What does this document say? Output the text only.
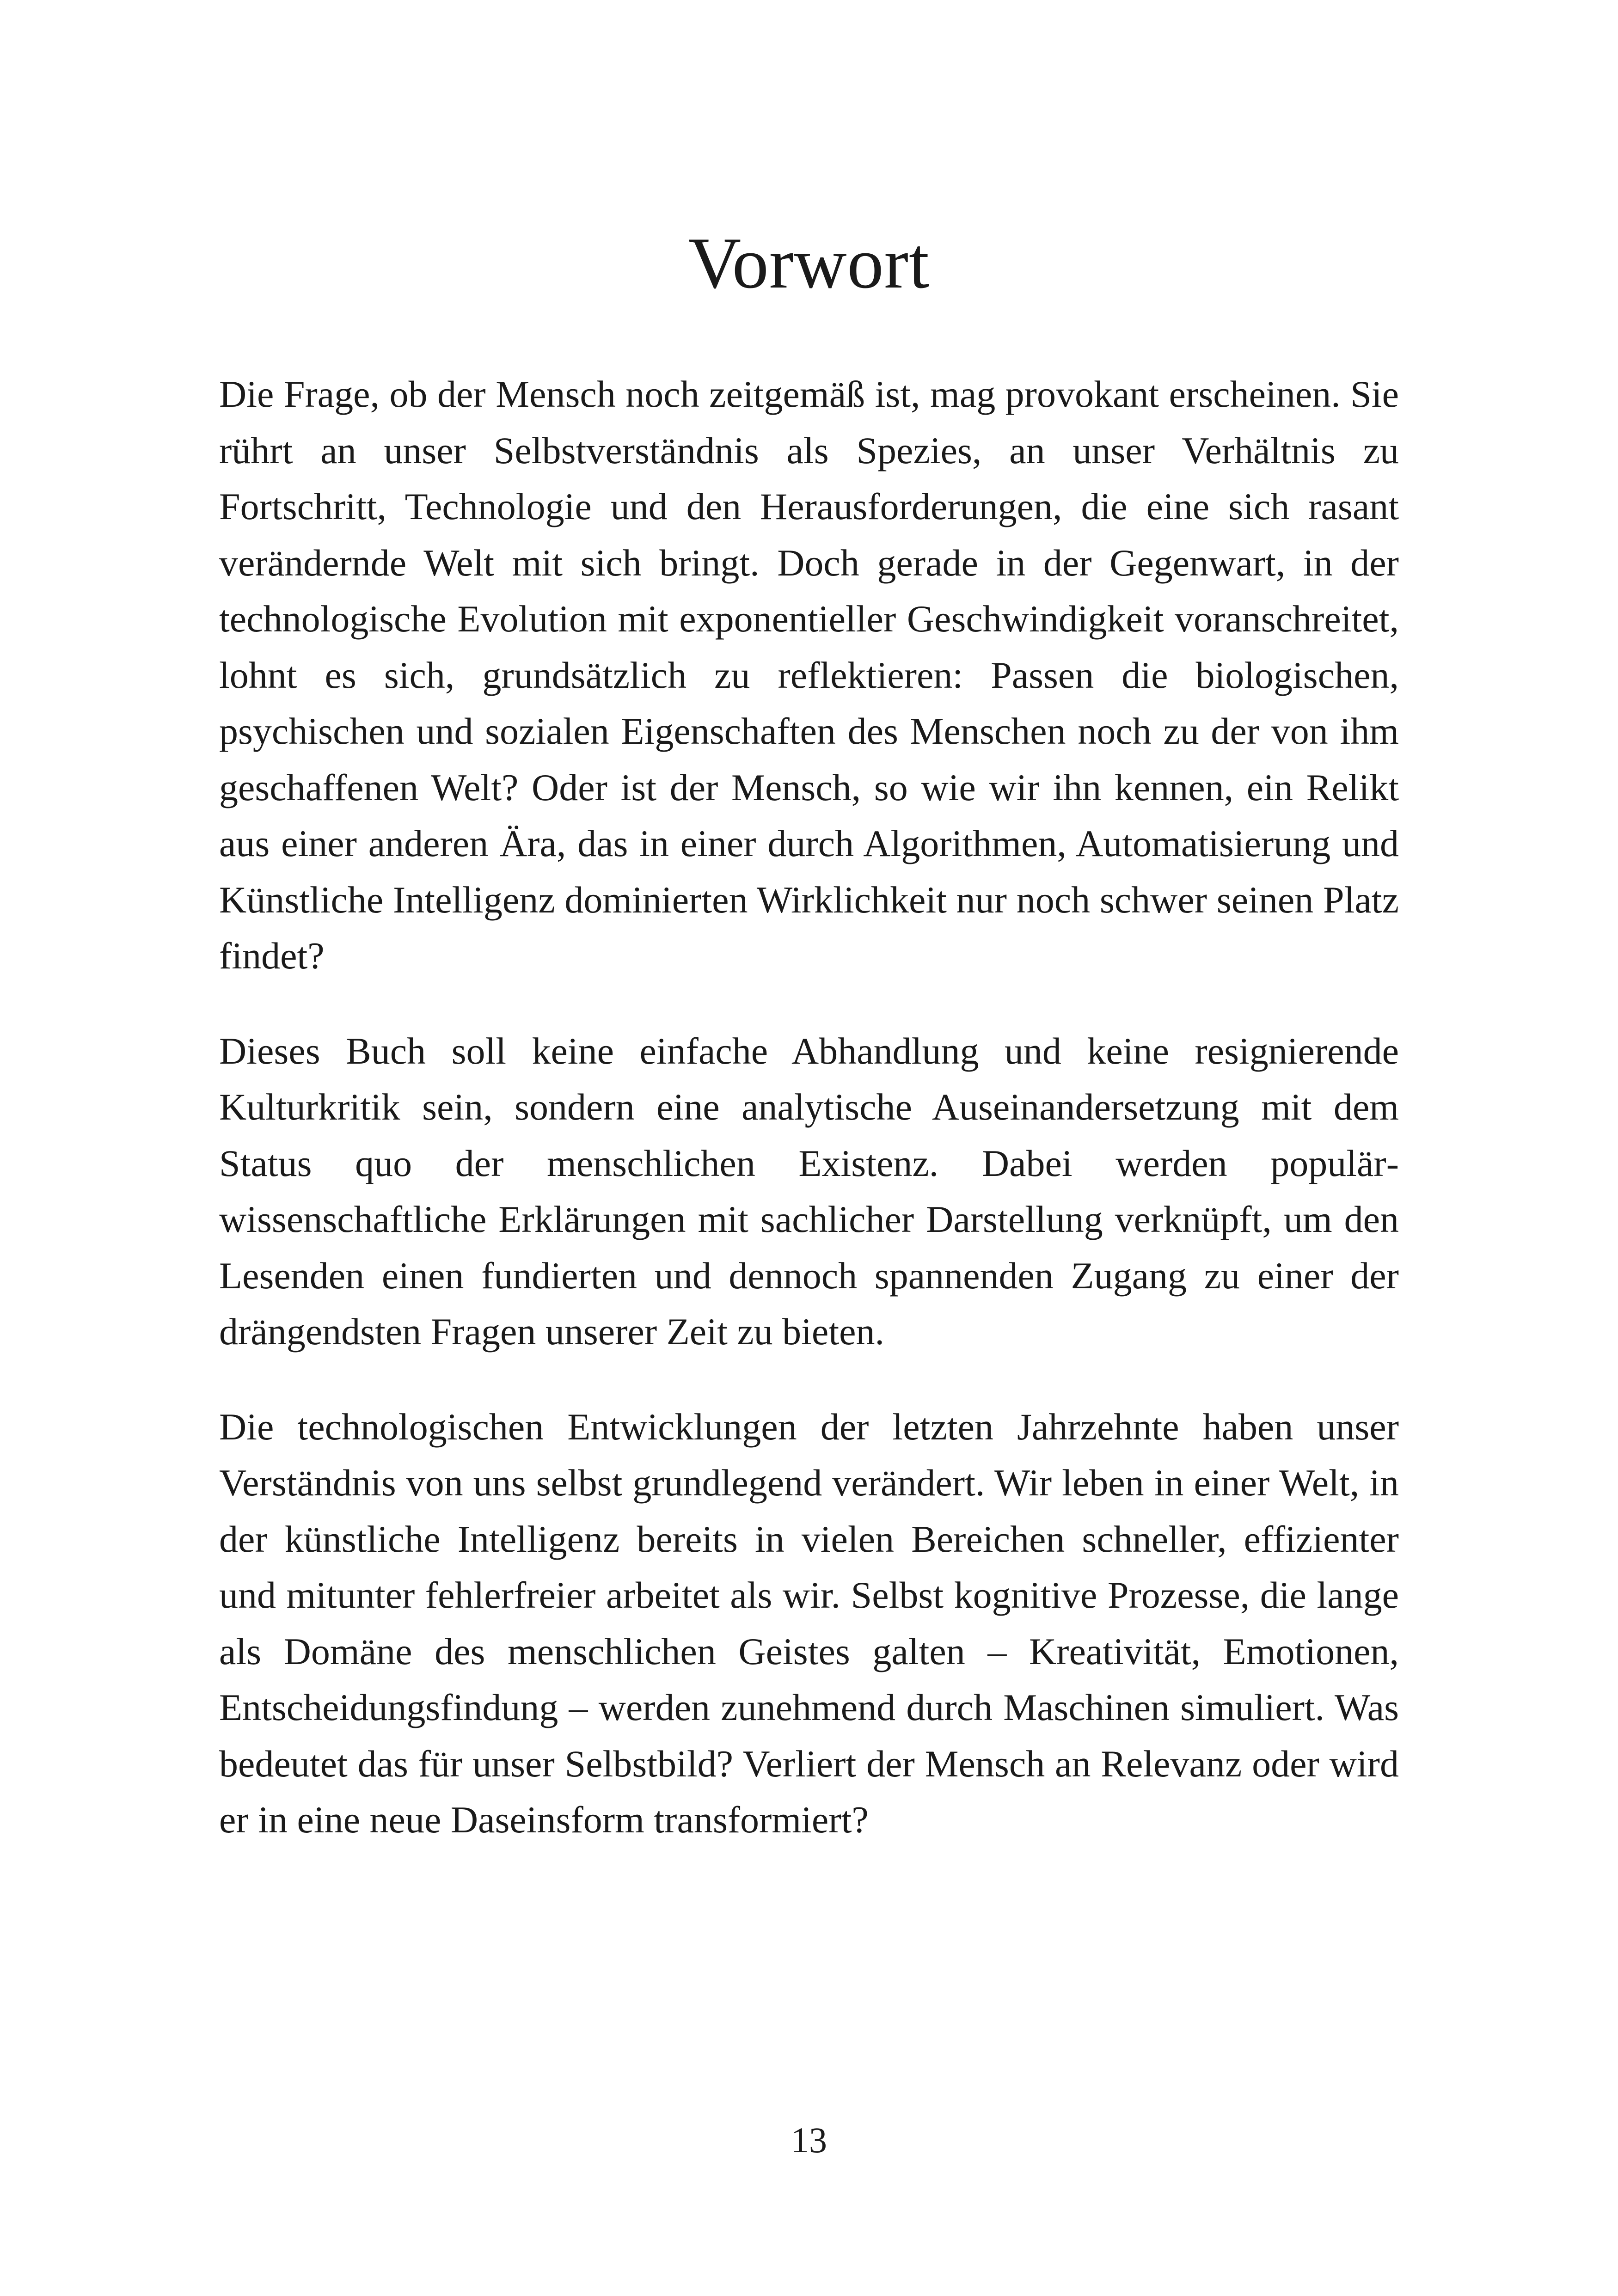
Vorwort

Die Frage, ob der Mensch noch zeitgemäß ist, mag provokant erscheinen. Sie rührt an unser Selbstverständnis als Spezies, an unser Verhältnis zu Fortschritt, Technologie und den Herausforderungen, die eine sich rasant verändernde Welt mit sich bringt. Doch gerade in der Gegenwart, in der technologische Evolution mit exponentieller Geschwindigkeit voranschreitet, lohnt es sich, grundsätzlich zu reflektieren: Passen die biologischen, psychischen und sozialen Eigenschaften des Menschen noch zu der von ihm geschaffenen Welt? Oder ist der Mensch, so wie wir ihn kennen, ein Relikt aus einer anderen Ära, das in einer durch Algorithmen, Automatisierung und Künstliche Intelligenz dominierten Wirklichkeit nur noch schwer seinen Platz findet?

Dieses Buch soll keine einfache Abhandlung und keine resignierende Kulturkritik sein, sondern eine analytische Auseinandersetzung mit dem Status quo der menschlichen Existenz. Dabei werden populärwissenschaftliche Erklärungen mit sachlicher Darstellung verknüpft, um den Lesenden einen fundierten und dennoch spannenden Zugang zu einer der drängendsten Fragen unserer Zeit zu bieten.

Die technologischen Entwicklungen der letzten Jahrzehnte haben unser Verständnis von uns selbst grundlegend verändert. Wir leben in einer Welt, in der künstliche Intelligenz bereits in vielen Bereichen schneller, effizienter und mitunter fehlerfreier arbeitet als wir. Selbst kognitive Prozesse, die lange als Domäne des menschlichen Geistes galten – Kreativität, Emotionen, Entscheidungsfindung – werden zunehmend durch Maschinen simuliert. Was bedeutet das für unser Selbstbild? Verliert der Mensch an Relevanz oder wird er in eine neue Daseinsform transformiert?

13
